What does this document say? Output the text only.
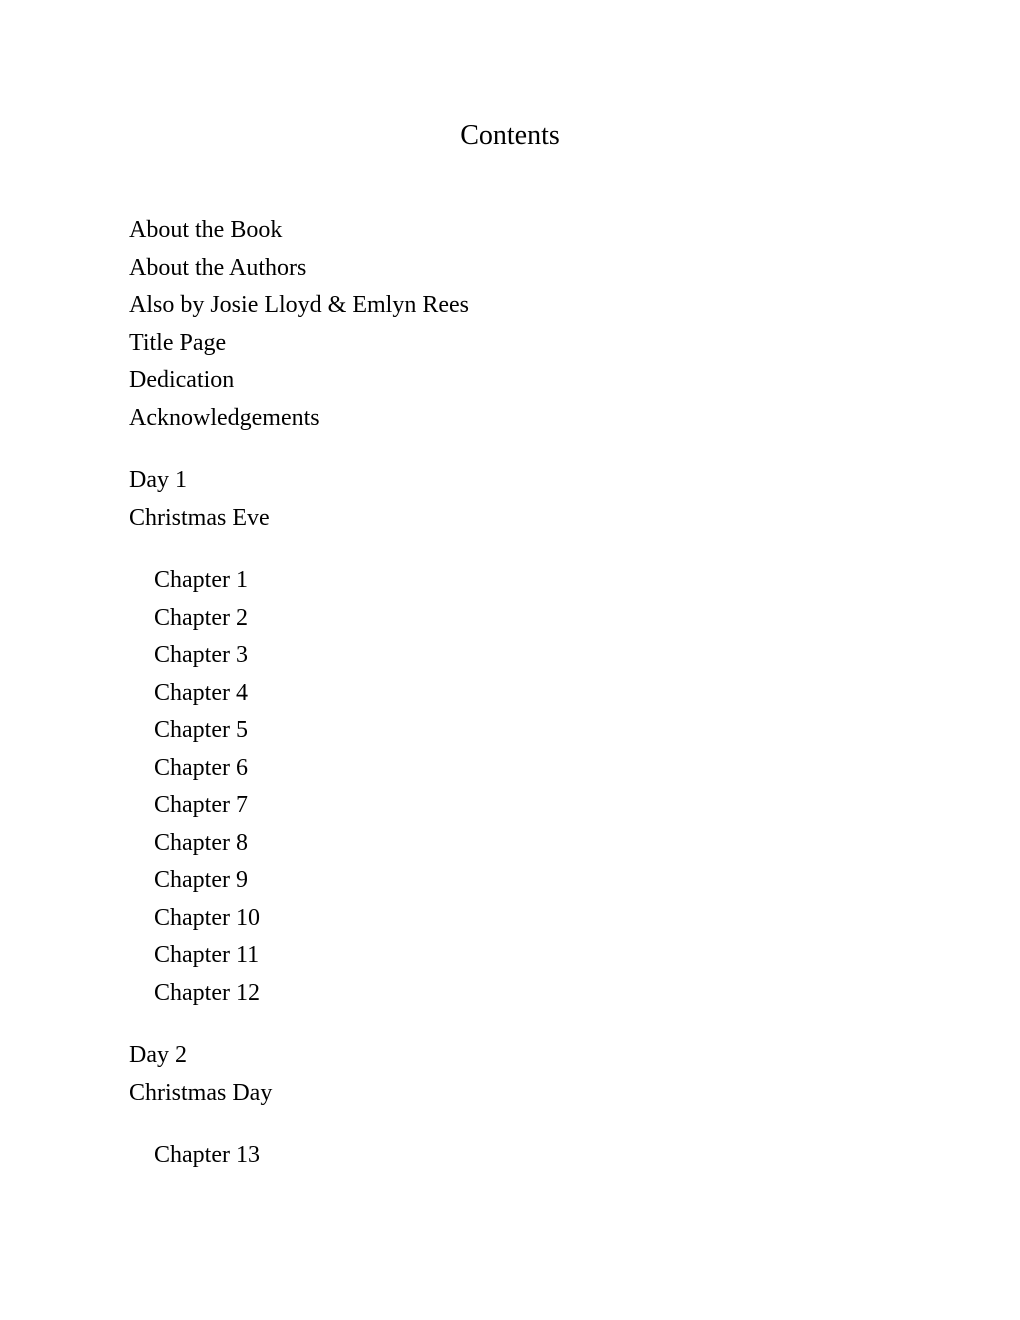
Contents
About the Book
About the Authors
Also by Josie Lloyd & Emlyn Rees
Title Page
Dedication
Acknowledgements
Day 1
Christmas Eve
Chapter 1
Chapter 2
Chapter 3
Chapter 4
Chapter 5
Chapter 6
Chapter 7
Chapter 8
Chapter 9
Chapter 10
Chapter 11
Chapter 12
Day 2
Christmas Day
Chapter 13
